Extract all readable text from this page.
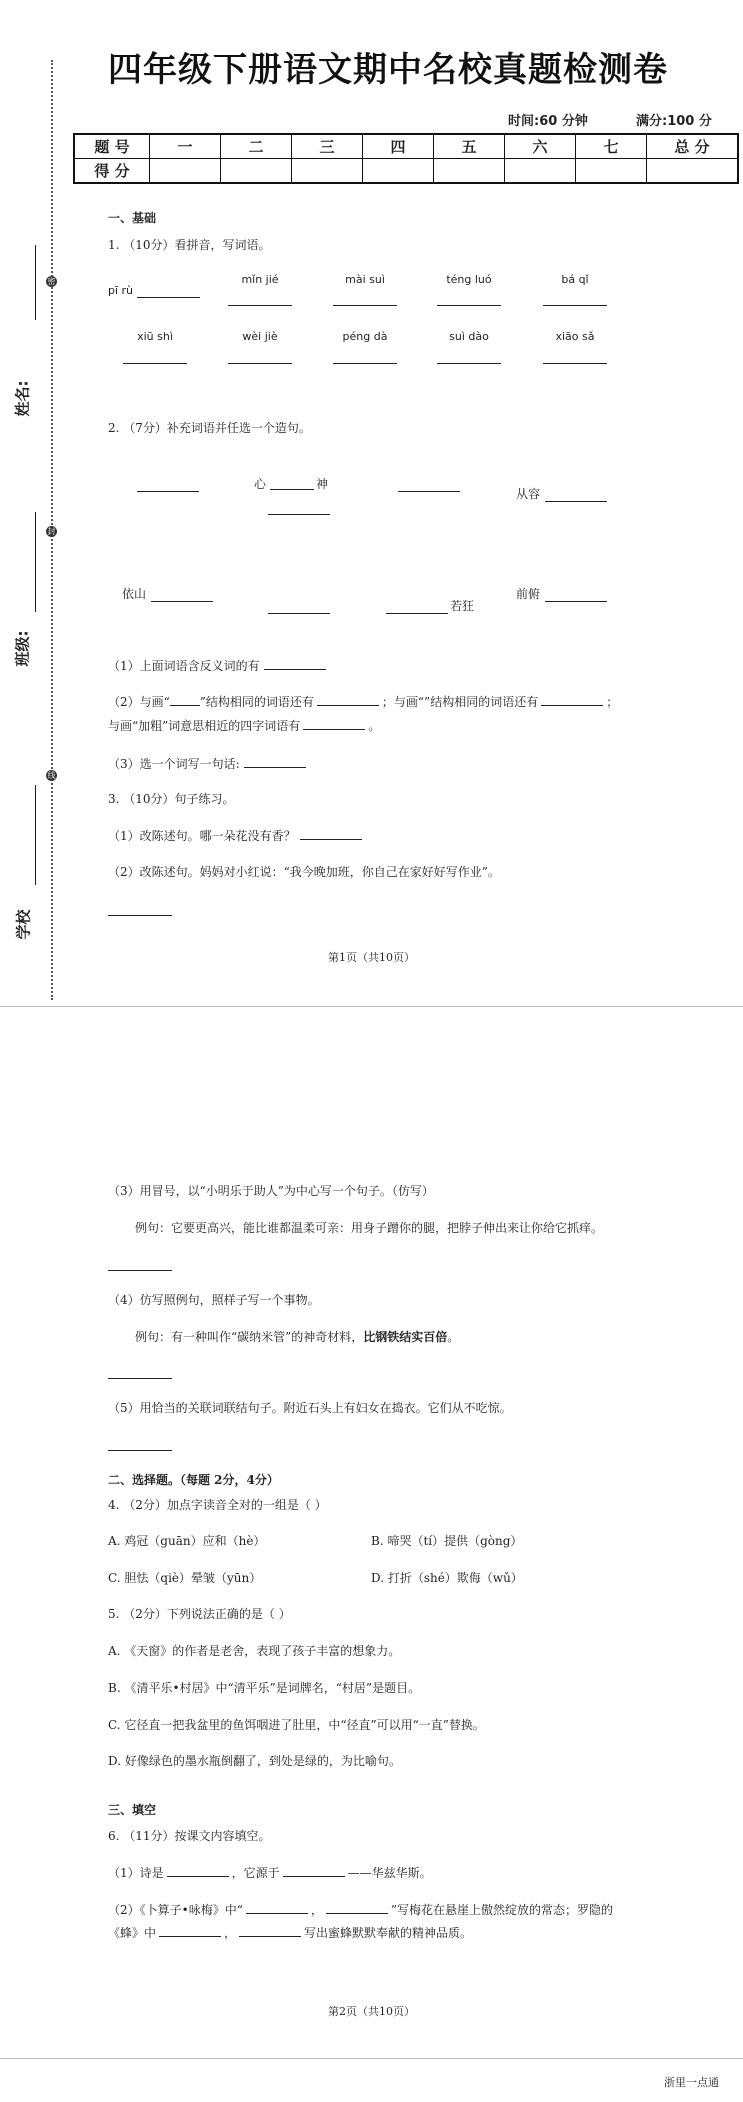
四年级下册语文期中名校真题检测卷
时间:60 分钟	满分:100 分
题 号	一	二	三	四	五	六	七	总 分
得 分								
姓名:
班级:
学校
密
封
线
一、基础
1. （10分）看拼音，写词语。
pī rù
mǐn jié	mài suì	téng luó	bá qǐ
xiū shì	wèi jiè	péng dà	suì dào	xiāo sǎ
2. （7分）补充词语并任选一个造句。
心	神
从容
依山
若狂
前俯
（1）上面词语含反义词的有
（2）与画“	”结构相同的词语还有	；与画“”结构相同的词语还有	；
与画“加粗”词意思相近的四字词语有	。
（3）选一个词写一句话:
3. （10分）句子练习。
（1）改陈述句。哪一朵花没有香？
（2）改陈述句。妈妈对小红说：“我今晚加班，你自己在家好好写作业”。
第1页（共10页）
（3）用冒号，以“小明乐于助人”为中心写一个句子。（仿写）
例句：它要更高兴，能比谁都温柔可亲：用身子蹭你的腿，把脖子伸出来让你给它抓痒。
（4）仿写照例句，照样子写一个事物。
例句：有一种叫作“碳纳米管”的神奇材料，比钢铁结实百倍。
（5）用恰当的关联词联结句子。附近石头上有妇女在捣衣。它们从不吃惊。
二、选择题。（每题 2分，4分）
4. （2分）加点字读音全对的一组是（ ）
A. 鸡冠（guān）应和（hè）	B. 啼哭（tí）提供（gòng）
C. 胆怯（qiè）晕皱（yūn）	D. 打折（shé）欺侮（wǔ）
5. （2分）下列说法正确的是（ ）
A. 《天窗》的作者是老舍，表现了孩子丰富的想象力。
B. 《清平乐•村居》中“清平乐”是词牌名，“村居”是题目。
C. 它径直一把我盆里的鱼饵咽进了肚里，中“径直”可以用“一直”替换。
D. 好像绿色的墨水瓶倒翻了，到处是绿的，为比喻句。
三、填空
6. （11分）按课文内容填空。
（1）诗是	，它源于	——华兹华斯。
（2）《卜算子•咏梅》中“	，	”写梅花在悬崖上傲然绽放的常态；罗隐的
《蜂》中	，	写出蜜蜂默默奉献的精神品质。
第2页（共10页）
浙里一点通
